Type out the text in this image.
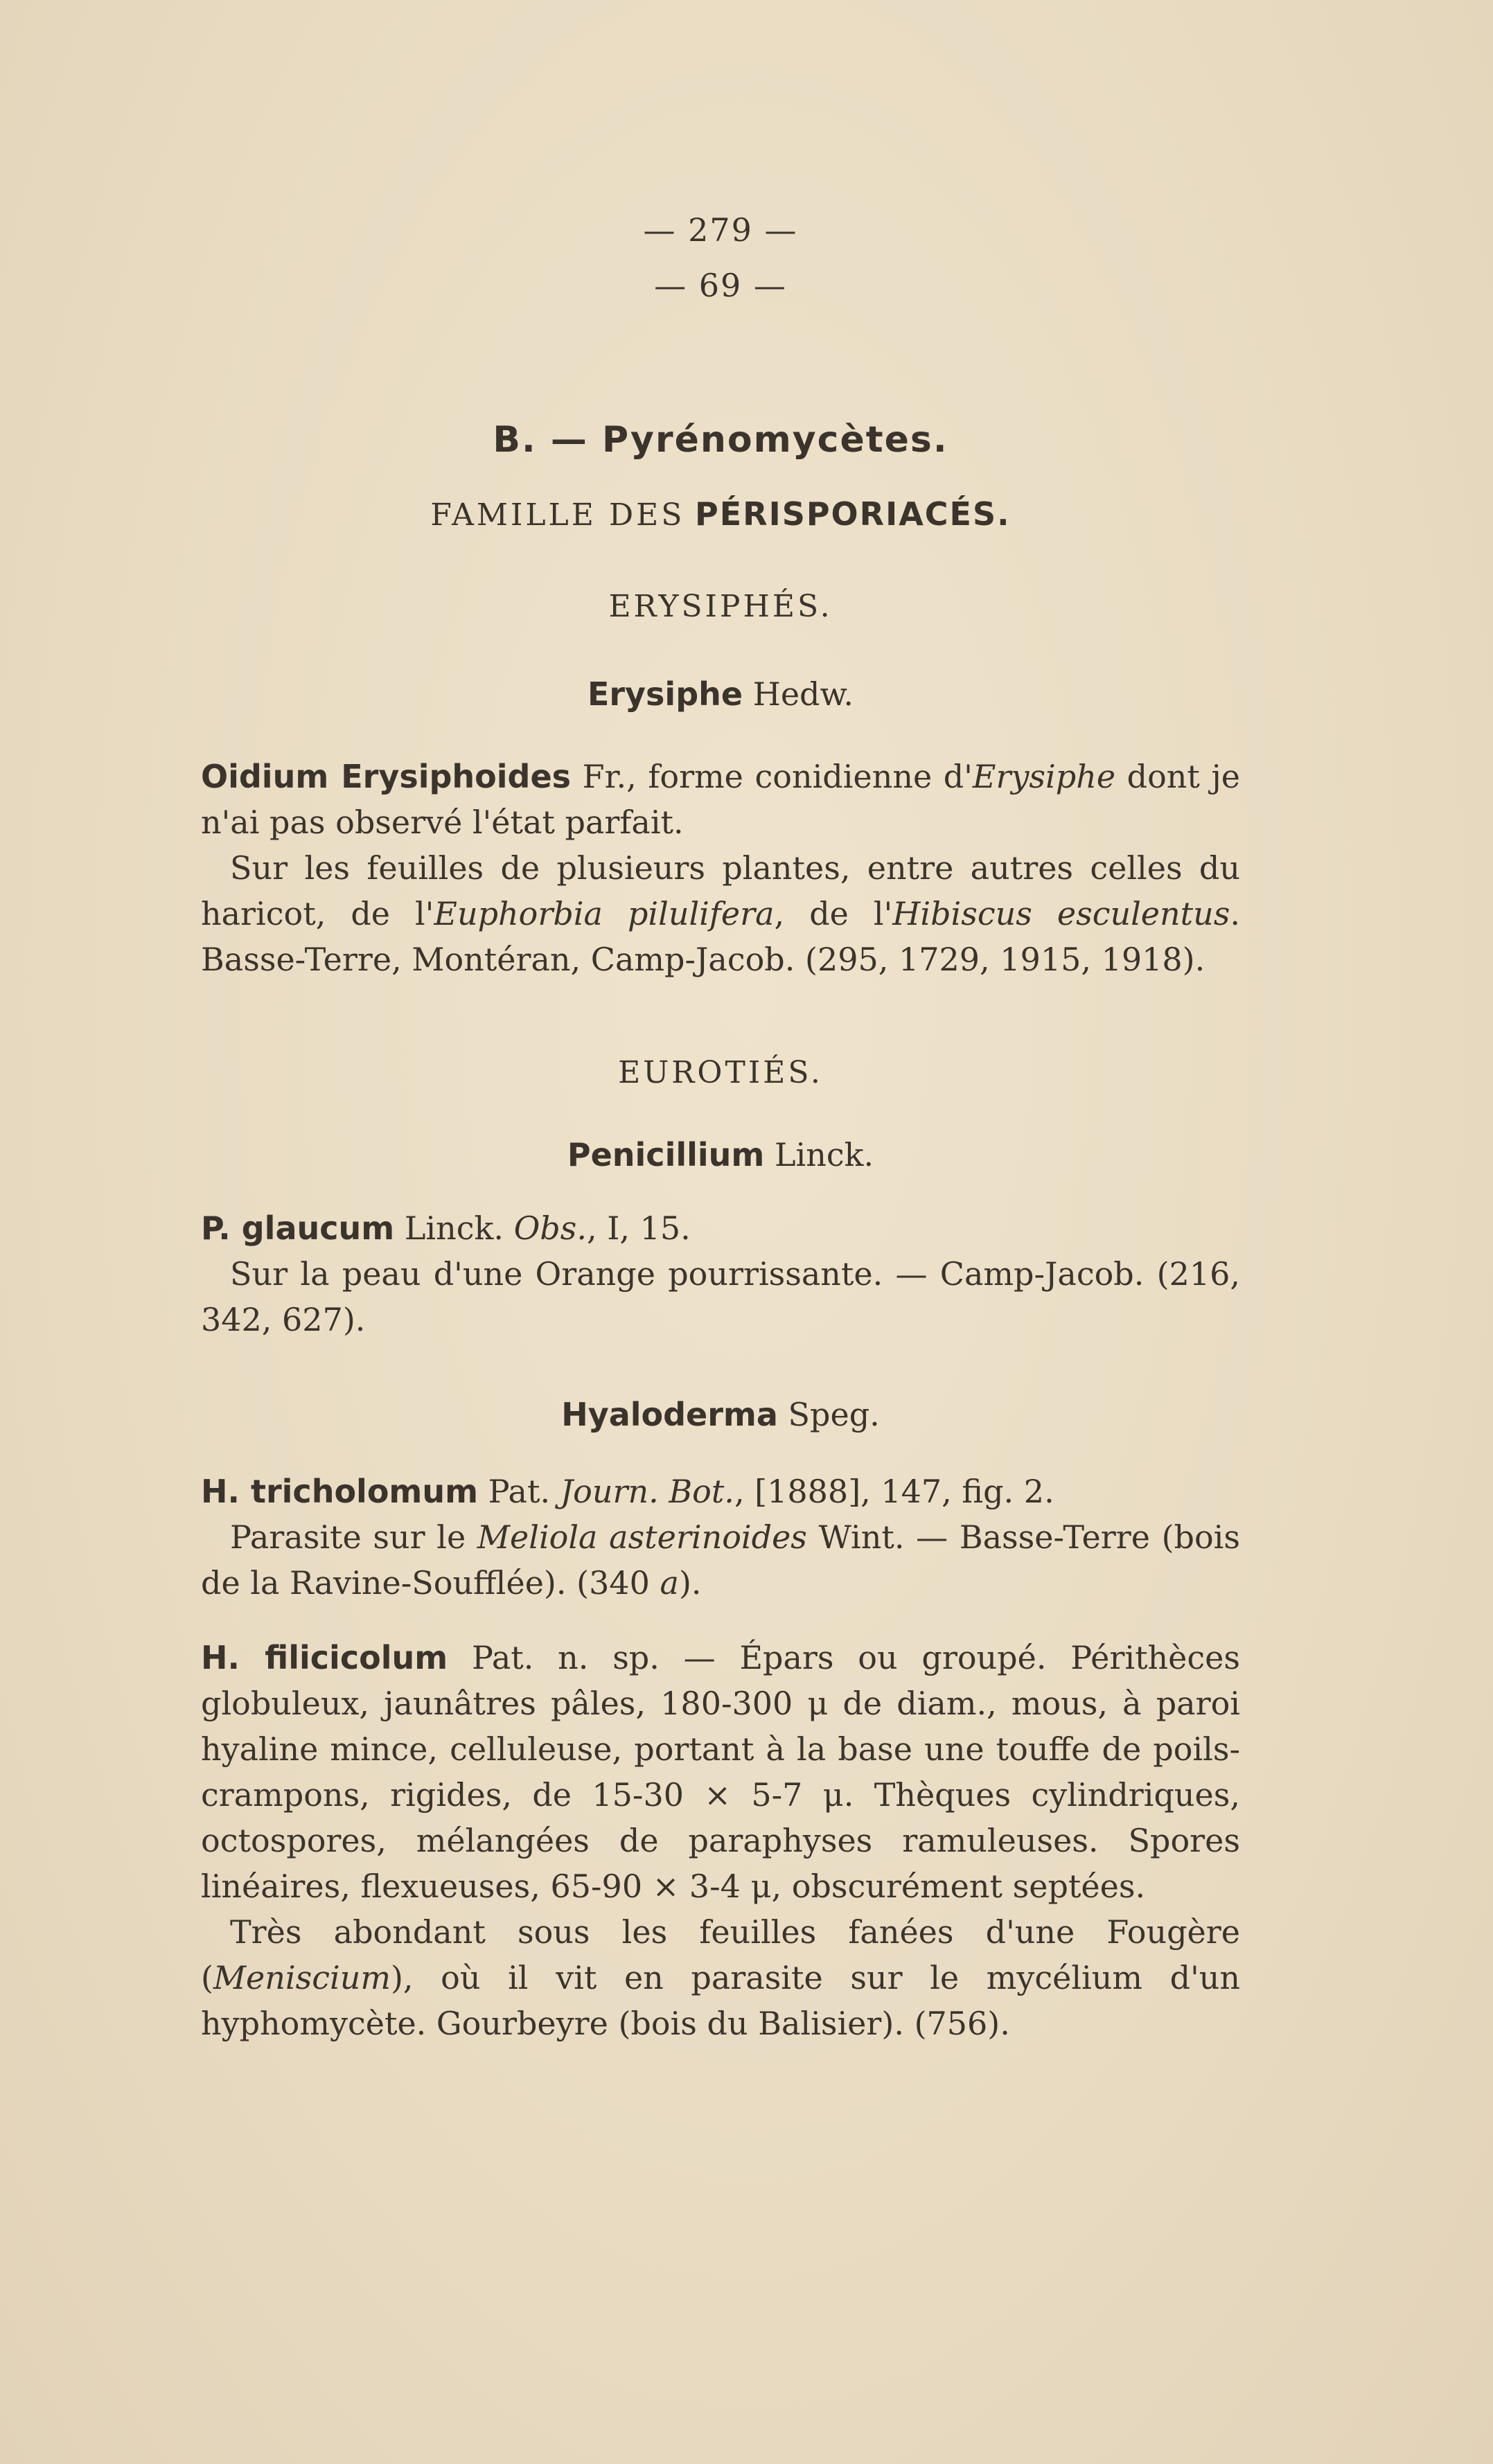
— 279 —
— 69 —
B. — Pyrénomycètes.
FAMILLE DES PÉRISPORIACÉS.
ERYSIPHÉS.
Erysiphe Hedw.

Oidium Erysiphoides Fr., forme conidienne d'Erysiphe dont je n'ai pas observé l'état parfait.

Sur les feuilles de plusieurs plantes, entre autres celles du haricot, de l'Euphorbia pilulifera, de l'Hibiscus esculentus. Basse-Terre, Montéran, Camp-Jacob. (295, 1729, 1915, 1918).

EUROTIÉS.
Penicillium Linck.

P. glaucum Linck. Obs., I, 15.

Sur la peau d'une Orange pourrissante. — Camp-Jacob. (216, 342, 627).

Hyaloderma Speg.

H. tricholomum Pat. Journ. Bot., [1888], 147, fig. 2.

Parasite sur le Meliola asterinoides Wint. — Basse-Terre (bois de la Ravine-Soufflée). (340 a).

H. filicicolum Pat. n. sp. — Épars ou groupé. Périthèces globuleux, jaunâtres pâles, 180-300 μ de diam., mous, à paroi hyaline mince, celluleuse, portant à la base une touffe de poils-crampons, rigides, de 15-30 × 5-7 μ. Thèques cylindriques, octospores, mélangées de paraphyses ramuleuses. Spores linéaires, flexueuses, 65-90 × 3-4 μ, obscurément septées.

Très abondant sous les feuilles fanées d'une Fougère (Meniscium), où il vit en parasite sur le mycélium d'un hyphomycète. Gourbeyre (bois du Balisier). (756).
